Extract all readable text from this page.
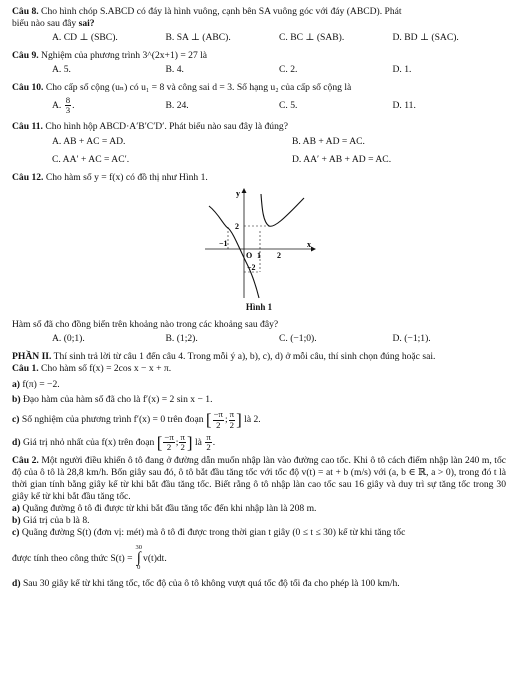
Câu 8. Cho hình chóp S.ABCD có đáy là hình vuông, cạnh bên SA vuông góc với đáy (ABCD). Phát
biểu nào sau đây sai?
A. CD ⊥ (SBC).	B. SA ⊥ (ABC).	C. BC ⊥ (SAB).	D. BD ⊥ (SAC).
Câu 9. Nghiệm của phương trình 3^(2x+1) = 27 là
A. 5.	B. 4.	C. 2.	D. 1.
Câu 10. Cho cấp số cộng (uₙ) có u₁ = 8 và công sai d = 3. Số hạng u₂ của cấp số cộng là
A. $\frac{8}{3}$ .	B. 24.	C. 5.	D. 11.
Câu 11. Cho hình hộp ABCD·A′B′C′D′. Phát biểu nào sau đây là đúng?
A. AB + AC = AD.	B. AB + AD = AC.
C. AA′ + AC = AC′.	D. AA′ + AB + AD = AC.
Câu 12. Cho hàm số y = f(x) có đồ thị như Hình 1.
y
x
2
−1
O 1 2
−2
Hình 1
Hàm số đã cho đồng biến trên khoảng nào trong các khoảng sau đây?
A. (0;1).	B. (1;2).	C. (−1;0).	D. (−1;1).
PHẦN II. Thí sinh trả lời từ câu 1 đến câu 4. Trong mỗi ý a), b), c), d) ở mỗi câu, thí sinh chọn đúng hoặc sai.
Câu 1. Cho hàm số f(x) = 2cos x − x + π.
a) f(π) = −2.
b) Đạo hàm của hàm số đã cho là f′(x) = 2 sin x − 1.
c) Số nghiệm của phương trình f′(x) = 0 trên đoạn [ $\frac{-\pi}{2}$ ; $\frac{\pi}{2}$ ] là 2.
d) Giá trị nhỏ nhất của f(x) trên đoạn [ $\frac{-\pi}{2}$ ; $\frac{\pi}{2}$ ] là $\frac{\pi}{2}$ .
Câu 2. Một người điều khiển ô tô đang ở đường dẫn muốn nhập làn vào đường cao tốc. Khi ô tô cách điểm nhập làn 240 m, tốc độ của ô tô là 28,8 km/h. Bốn giây sau đó, ô tô bắt đầu tăng tốc với tốc độ v(t) = at + b (m/s) với (a, b ∈ ℝ, a > 0), trong đó t là thời gian tính bằng giây kể từ khi bắt đầu tăng tốc. Biết rằng ô tô nhập làn cao tốc sau 16 giây và duy trì sự tăng tốc trong 30 giây kể từ khi bắt đầu tăng tốc.
a) Quãng đường ô tô đi được từ khi bắt đầu tăng tốc đến khi nhập làn là 208 m.
b) Giá trị của b là 8.
c) Quãng đường S(t) (đơn vị: mét) mà ô tô đi được trong thời gian t giây (0 ≤ t ≤ 30) kể từ khi tăng tốc
được tính theo công thức S(t) =
30
∫
0
v(t)dt.
d) Sau 30 giây kể từ khi tăng tốc, tốc độ của ô tô không vượt quá tốc độ tối đa cho phép là 100 km/h.
